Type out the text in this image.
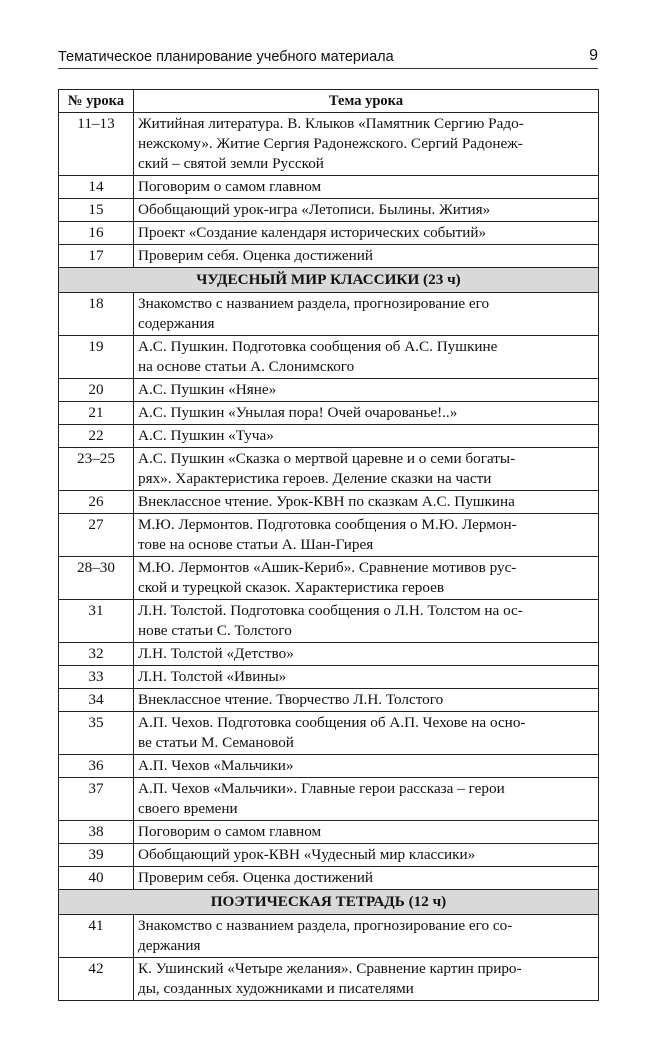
Тематическое планирование учебного материала	9
№ урока	Тема урока
11–13	Житийная литература. В. Клыков «Памятник Сергию Радо-
нежскому». Житие Сергия Радонежского. Сергий Радонеж-
ский – святой земли Русской

14	Поговорим о самом главном

15	Обобщающий урок-игра «Летописи. Былины. Жития»

16	Проект «Создание календаря исторических событий»

17	Проверим себя. Оценка достижений

ЧУДЕСНЫЙ МИР КЛАССИКИ (23 ч)	
18	Знакомство с названием раздела, прогнозирование его
содержания

19	А.С. Пушкин. Подготовка сообщения об А.С. Пушкине
на основе статьи А. Слонимского

20	А.С. Пушкин «Няне»

21	А.С. Пушкин «Унылая пора! Очей очарованье!..»

22	А.С. Пушкин «Туча»

23–25	А.С. Пушкин «Сказка о мертвой царевне и о семи богаты-
рях». Характеристика героев. Деление сказки на части

26	Внеклассное чтение. Урок-КВН по сказкам А.С. Пушкина

27	М.Ю. Лермонтов. Подготовка сообщения о М.Ю. Лермон-
тове на основе статьи А. Шан-Гирея

28–30	М.Ю. Лермонтов «Ашик-Кериб». Сравнение мотивов рус-
ской и турецкой сказок. Характеристика героев

31	Л.Н. Толстой. Подготовка сообщения о Л.Н. Толстом на ос-
нове статьи С. Толстого

32	Л.Н. Толстой «Детство»

33	Л.Н. Толстой «Ивины»

34	Внеклассное чтение. Творчество Л.Н. Толстого

35	А.П. Чехов. Подготовка сообщения об А.П. Чехове на осно-
ве статьи М. Семановой

36	А.П. Чехов «Мальчики»

37	А.П. Чехов «Мальчики». Главные герои рассказа – герои
своего времени

38	Поговорим о самом главном

39	Обобщающий урок-КВН «Чудесный мир классики»

40	Проверим себя. Оценка достижений

ПОЭТИЧЕСКАЯ ТЕТРАДЬ (12 ч)	
41	Знакомство с названием раздела, прогнозирование его со-
держания

42	К. Ушинский «Четыре желания». Сравнение картин приро-
ды, созданных художниками и писателями
